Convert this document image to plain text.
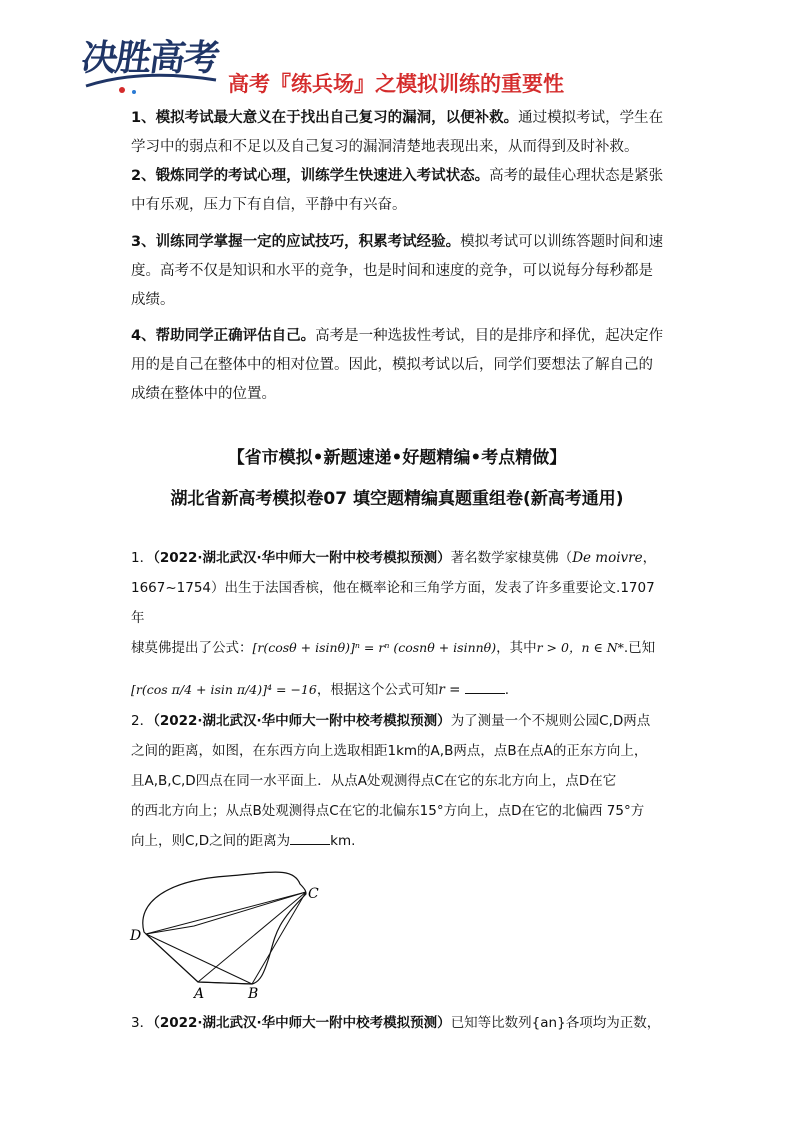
决胜高考
高考『练兵场』之模拟训练的重要性
1、模拟考试最大意义在于找出自己复习的漏洞，以便补救。通过模拟考试，学生在学习中的弱点和不足以及自己复习的漏洞清楚地表现出来，从而得到及时补救。
2、锻炼同学的考试心理，训练学生快速进入考试状态。高考的最佳心理状态是紧张中有乐观，压力下有自信，平静中有兴奋。
3、训练同学掌握一定的应试技巧，积累考试经验。模拟考试可以训练答题时间和速度。高考不仅是知识和水平的竞争，也是时间和速度的竞争，可以说每分每秒都是成绩。
4、帮助同学正确评估自己。高考是一种选拔性考试，目的是排序和择优，起决定作用的是自己在整体中的相对位置。因此，模拟考试以后，同学们要想法了解自己的成绩在整体中的位置。
【省市模拟•新题速递•好题精编•考点精做】
湖北省新高考模拟卷07 填空题精编真题重组卷(新高考通用)
1．（2022·湖北武汉·华中师大一附中校考模拟预测）著名数学家棣莫佛（De moivre，
1667~1754）出生于法国香槟，他在概率论和三角学方面，发表了许多重要论文.1707 年
棣莫佛提出了公式：[r(cosθ + isinθ)]ⁿ = rⁿ (cosnθ + isinnθ)，其中r > 0，n ∈ N*.已知
[r(cos π/4 + isin π/4)]⁴ = −16，根据这个公式可知r =	.
2．（2022·湖北武汉·华中师大一附中校考模拟预测）为了测量一个不规则公园C,D两点
之间的距离，如图，在东西方向上选取相距1km的A,B两点，点B在点A的正东方向上，
且A,B,C,D四点在同一水平面上．从点A处观测得点C在它的东北方向上，点D在它
的西北方向上；从点B处观测得点C在它的北偏东15°方向上，点D在它的北偏西 75°方
向上，则C,D之间的距离为	km.
D
C
A	B
3．（2022·湖北武汉·华中师大一附中校考模拟预测）已知等比数列{an}各项均为正数，
